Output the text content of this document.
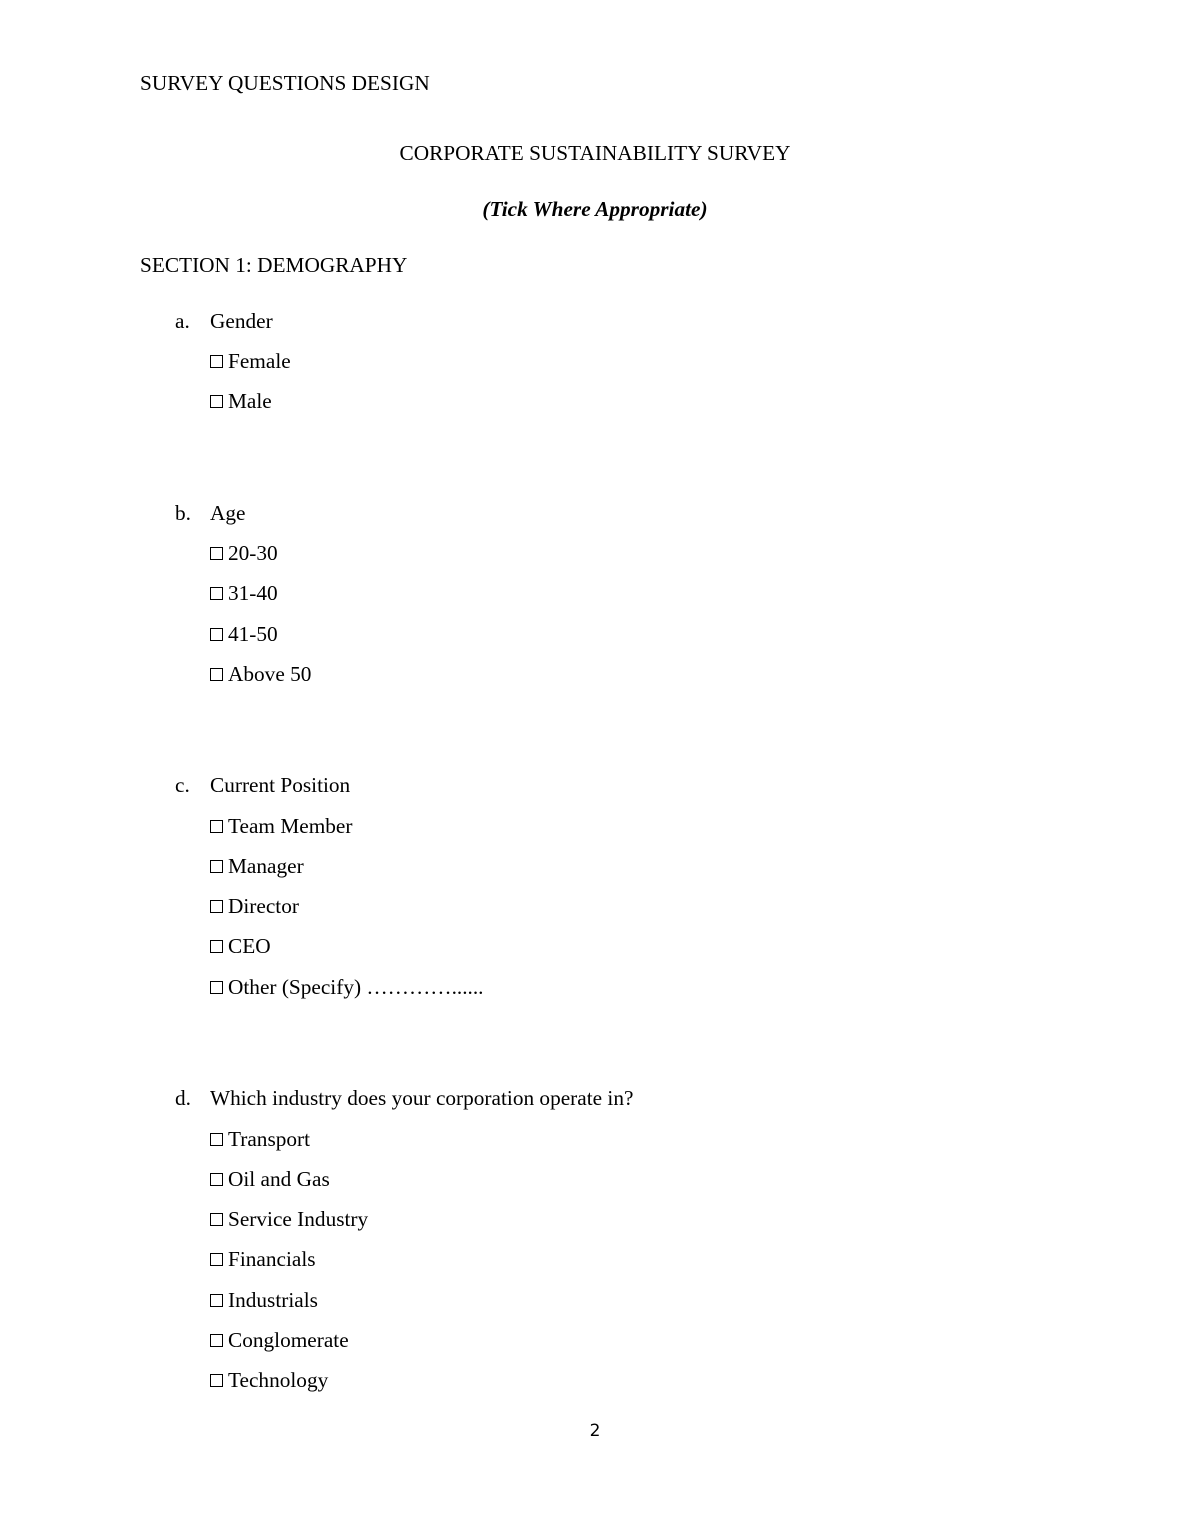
SURVEY QUESTIONS DESIGN
CORPORATE SUSTAINABILITY SURVEY
(Tick Where Appropriate)
SECTION 1: DEMOGRAPHY
a. Gender
Female
Male
b. Age
20-30
31-40
41-50
Above 50
c. Current Position
Team Member
Manager
Director
CEO
Other (Specify) …………......
d. Which industry does your corporation operate in?
Transport
Oil and Gas
Service Industry
Financials
Industrials
Conglomerate
Technology
2
